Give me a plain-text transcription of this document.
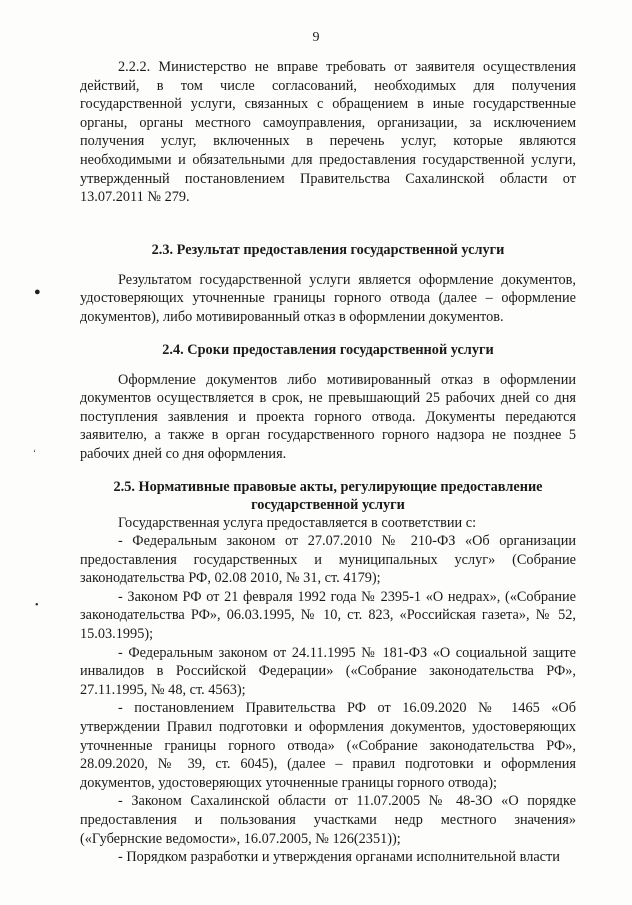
9
●
‘
•

2.2.2. Министерство не вправе требовать от заявителя осуществления действий, в том числе согласований, необходимых для получения государственной услуги, связанных с обращением в иные государственные органы, органы местного самоуправления, организации, за исключением получения услуг, включенных в перечень услуг, которые являются необходимыми и обязательными для предоставления государственной услуги, утвержденный постановлением Правительства Сахалинской области от 13.07.2011 № 279.

2.3. Результат предоставления государственной услуги

Результатом государственной услуги является оформление документов, удостоверяющих уточненные границы горного отвода (далее – оформление документов), либо мотивированный отказ в оформлении документов.

2.4. Сроки предоставления государственной услуги

Оформление документов либо мотивированный отказ в оформлении документов осуществляется в срок, не превышающий 25 рабочих дней со дня поступления заявления и проекта горного отвода. Документы передаются заявителю, а также в орган государственного горного надзора не позднее 5 рабочих дней со дня оформления.

2.5. Нормативные правовые акты, регулирующие предоставление
государственной услуги

Государственная услуга предоставляется в соответствии с:

- Федеральным законом от 27.07.2010 № 210-ФЗ «Об организации предоставления государственных и муниципальных услуг» (Собрание законодательства РФ, 02.08 2010, № 31, ст. 4179);

- Законом РФ от 21 февраля 1992 года № 2395-1 «О недрах», («Собрание законодательства РФ», 06.03.1995, № 10, ст. 823, «Российская газета», № 52, 15.03.1995);

- Федеральным законом от 24.11.1995 № 181-ФЗ «О социальной защите инвалидов в Российской Федерации» («Собрание законодательства РФ», 27.11.1995, № 48, ст. 4563);

- постановлением Правительства РФ от 16.09.2020 № 1465 «Об утверждении Правил подготовки и оформления документов, удостоверяющих уточненные границы горного отвода» («Собрание законодательства РФ», 28.09.2020, № 39, ст. 6045), (далее – правил подготовки и оформления документов, удостоверяющих уточненные границы горного отвода);

- Законом Сахалинской области от 11.07.2005 № 48-ЗО «О порядке предоставления и пользования участками недр местного значения» («Губернские ведомости», 16.07.2005, № 126(2351));

- Порядком разработки и утверждения органами исполнительной власти
